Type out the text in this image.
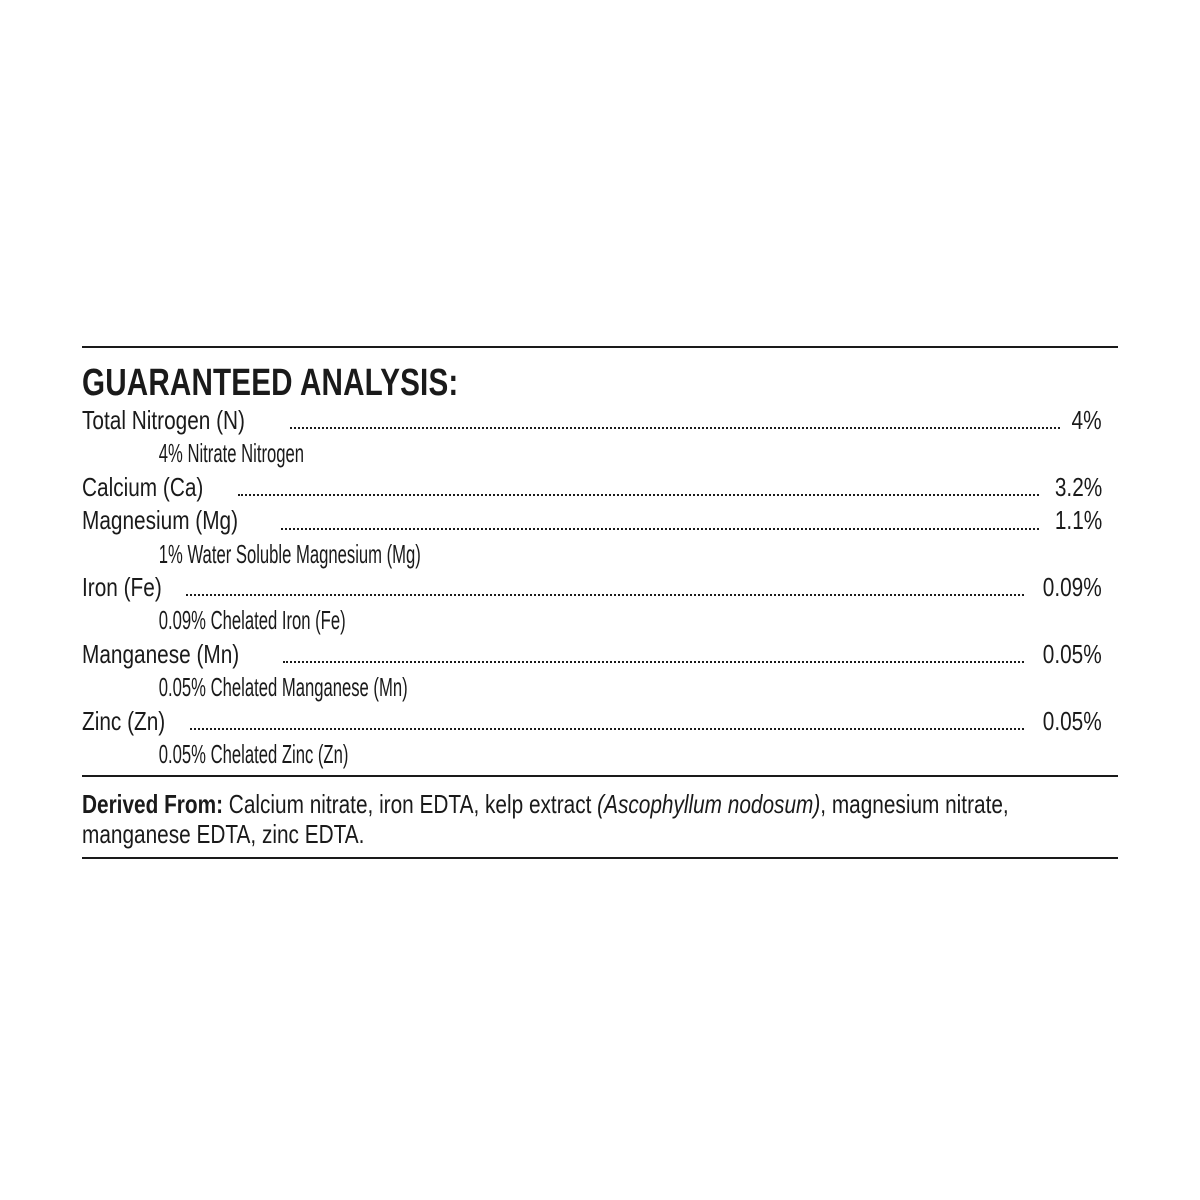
GUARANTEED ANALYSIS:
Total Nitrogen (N)	4%
4% Nitrate Nitrogen
Calcium (Ca)	3.2%
Magnesium (Mg)	1.1%
1% Water Soluble Magnesium (Mg)
Iron (Fe)	0.09%
0.09% Chelated Iron (Fe)
Manganese (Mn)	0.05%
0.05% Chelated Manganese (Mn)
Zinc (Zn)	0.05%
0.05% Chelated Zinc (Zn)
Derived From: Calcium nitrate, iron EDTA, kelp extract (Ascophyllum nodosum), magnesium nitrate, manganese EDTA, zinc EDTA.
